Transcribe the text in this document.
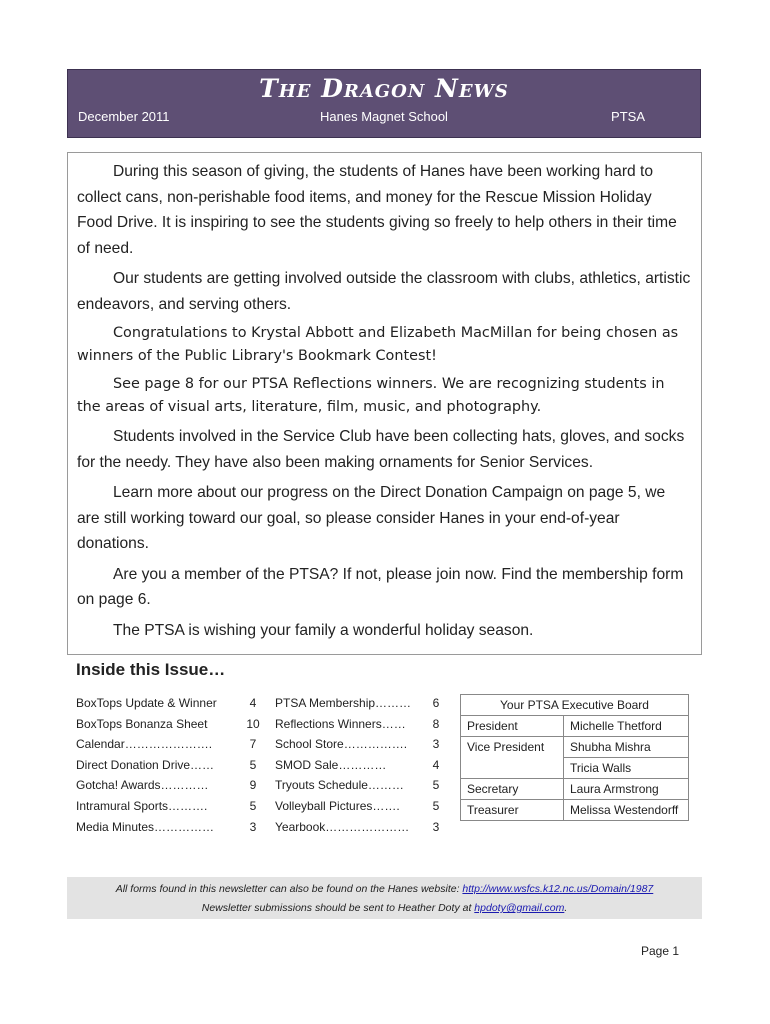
The Dragon News
December 2011	Hanes Magnet School	PTSA

During this season of giving, the students of Hanes have been working hard to collect cans, non-perishable food items, and money for the Rescue Mission Holiday Food Drive. It is inspiring to see the students giving so freely to help others in their time of need.

Our students are getting involved outside the classroom with clubs, athletics, artistic endeavors, and serving others.

Congratulations to Krystal Abbott and Elizabeth MacMillan for being chosen as winners of the Public Library's Bookmark Contest!

See page 8 for our PTSA Reflections winners. We are recognizing students in the areas of visual arts, literature, film, music, and photography.

Students involved in the Service Club have been collecting hats, gloves, and socks for the needy. They have also been making ornaments for Senior Services.

Learn more about our progress on the Direct Donation Campaign on page 5, we are still working toward our goal, so please consider Hanes in your end-of-year donations.

Are you a member of the PTSA? If not, please join now. Find the membership form on page 6.

The PTSA is wishing your family a wonderful holiday season.

Inside this Issue…
BoxTops Update & Winner	4
BoxTops Bonanza Sheet	10
Calendar………………….	7
Direct Donation Drive……	5
Gotcha! Awards…………	9
Intramural Sports……….	5
Media Minutes……………	3
PTSA Membership………	6
Reflections Winners……	8
School Store…………….	3
SMOD Sale…………	4
Tryouts Schedule………	5
Volleyball Pictures…….	5
Yearbook…………………	3
Your PTSA Executive Board	
President	Michelle Thetford
Vice President	Shubha Mishra
	Tricia Walls
Secretary	Laura Armstrong
Treasurer	Melissa Westendorff
All forms found in this newsletter can also be found on the Hanes website: http://www.wsfcs.k12.nc.us/Domain/1987
Newsletter submissions should be sent to Heather Doty at hpdoty@gmail.com.
Page 1
